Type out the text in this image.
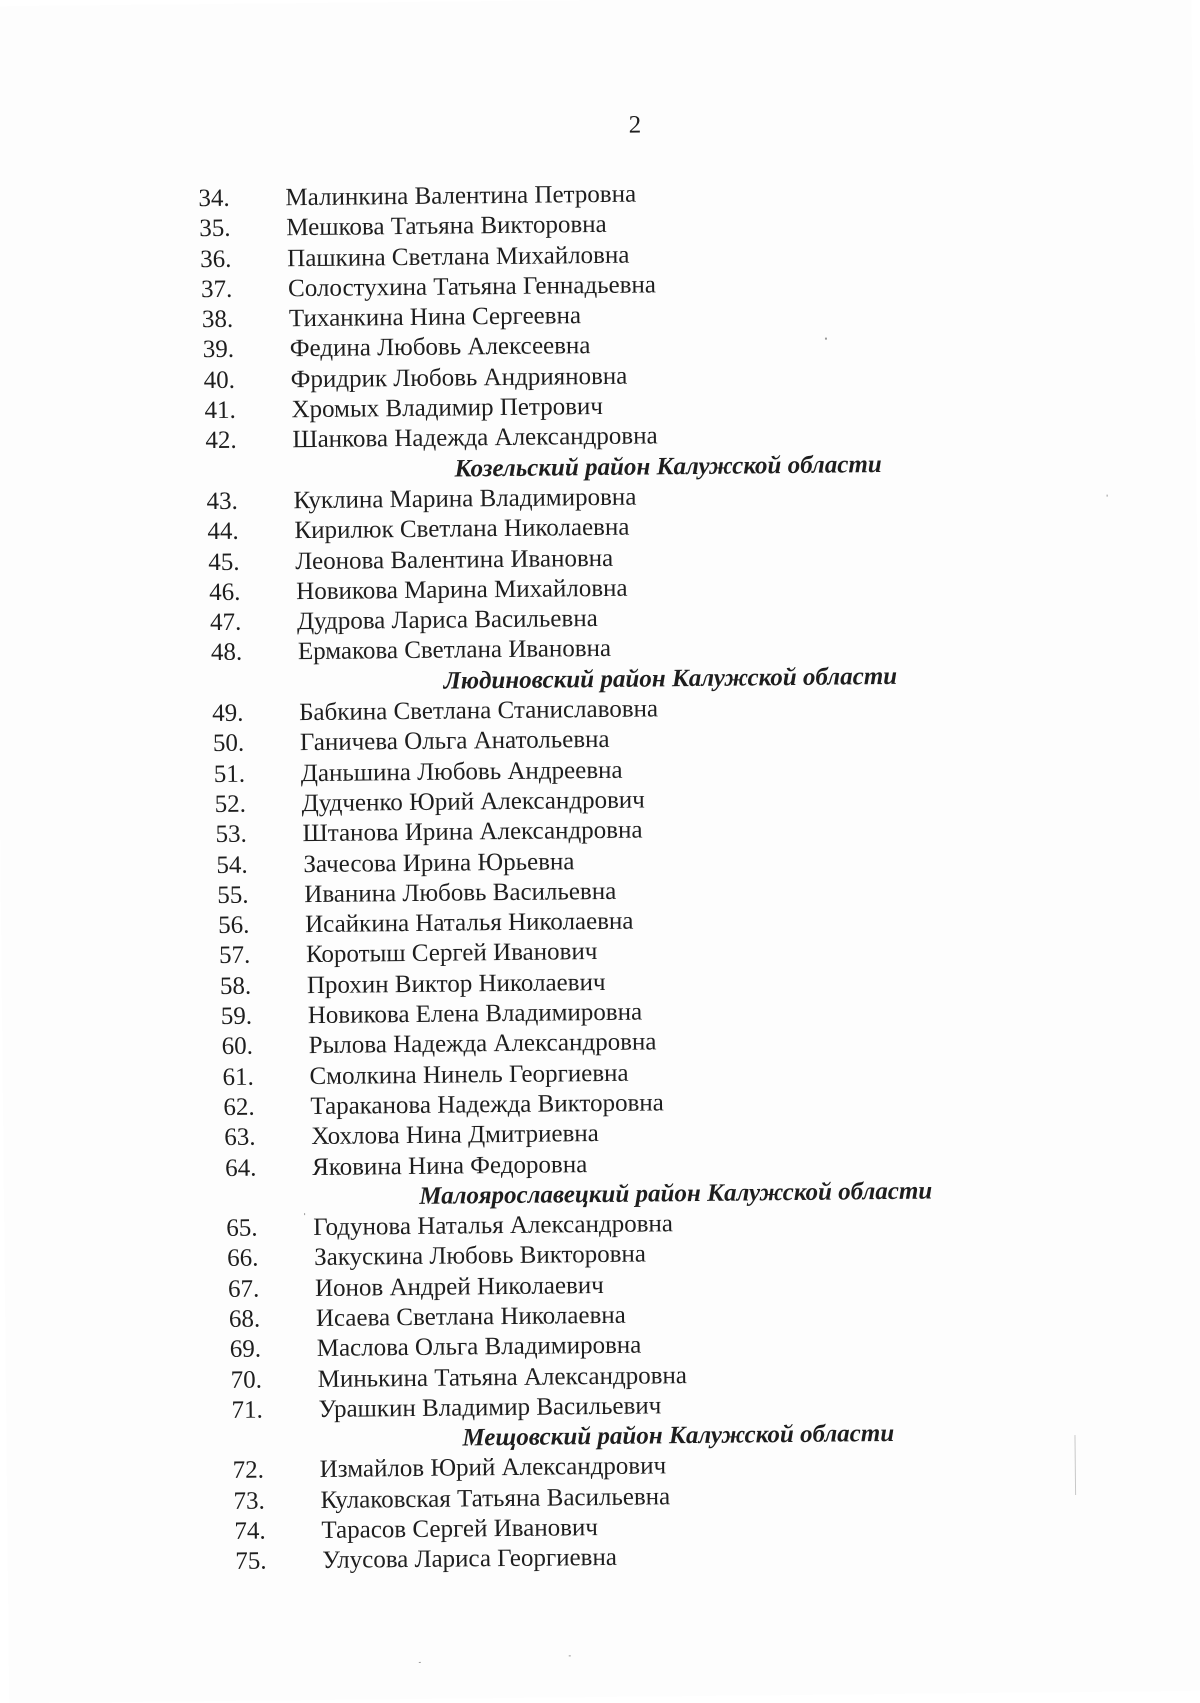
2
34. Малинкина Валентина Петровна
35. Мешкова Татьяна Викторовна
36. Пашкина Светлана Михайловна
37. Солостухина Татьяна Геннадьевна
38. Тиханкина Нина Сергеевна
39. Федина Любовь Алексеевна
40. Фридрик Любовь Андрияновна
41. Хромых Владимир Петрович
42. Шанкова Надежда Александровна
Козельский район Калужской области
43. Куклина Марина Владимировна
44. Кирилюк Светлана Николаевна
45. Леонова Валентина Ивановна
46. Новикова Марина Михайловна
47. Дудрова Лариса Васильевна
48. Ермакова Светлана Ивановна
Людиновский район Калужской области
49. Бабкина Светлана Станиславовна
50. Ганичева Ольга Анатольевна
51. Даньшина Любовь Андреевна
52. Дудченко Юрий Александрович
53. Штанова Ирина Александровна
54. Зачесова Ирина Юрьевна
55. Иванина Любовь Васильевна
56. Исайкина Наталья Николаевна
57. Коротыш Сергей Иванович
58. Прохин Виктор Николаевич
59. Новикова Елена Владимировна
60. Рылова Надежда Александровна
61. Смолкина Нинель Георгиевна
62. Тараканова Надежда Викторовна
63. Хохлова Нина Дмитриевна
64. Яковина Нина Федоровна
Малоярославецкий район Калужской области
65. Годунова Наталья Александровна
66. Закускина Любовь Викторовна
67. Ионов Андрей Николаевич
68. Исаева Светлана Николаевна
69. Маслова Ольга Владимировна
70. Минькина Татьяна Александровна
71. Урашкин Владимир Васильевич
Мещовский район Калужской области
72. Измайлов Юрий Александрович
73. Кулаковская Татьяна Васильевна
74. Тарасов Сергей Иванович
75. Улусова Лариса Георгиевна
